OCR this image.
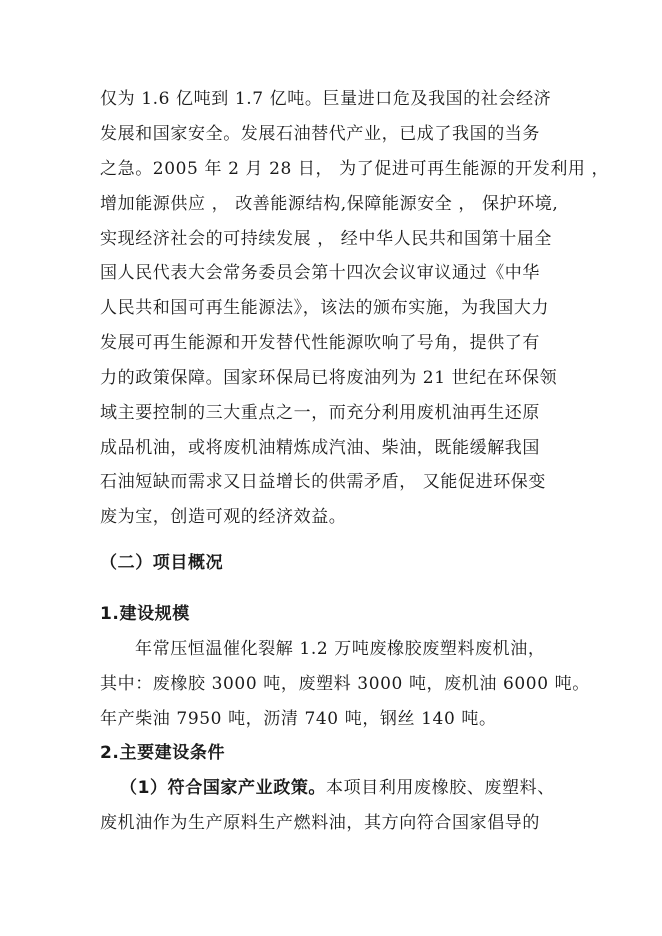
仅为 1.6 亿吨到 1.7 亿吨。巨量进口危及我国的社会经济
发展和国家安全。发展石油替代产业，已成了我国的当务
之急。2005 年 2 月 28 日， 为了促进可再生能源的开发利用 ，
增加能源供应 ， 改善能源结构,保障能源安全 ， 保护环境,
实现经济社会的可持续发展 ， 经中华人民共和国第十届全
国人民代表大会常务委员会第十四次会议审议通过《中华
人民共和国可再生能源法》，该法的颁布实施，为我国大力
发展可再生能源和开发替代性能源吹响了号角，提供了有
力的政策保障。国家环保局已将废油列为 21 世纪在环保领
域主要控制的三大重点之一，而充分利用废机油再生还原
成品机油，或将废机油精炼成汽油、柴油，既能缓解我国
石油短缺而需求又日益增长的供需矛盾， 又能促进环保变
废为宝，创造可观的经济效益。
（二）项目概况
1.建设规模
年常压恒温催化裂解 1.2 万吨废橡胶废塑料废机油，
其中：废橡胶 3000 吨，废塑料 3000 吨，废机油 6000 吨。
年产柴油 7950 吨，沥清 740 吨，钢丝 140 吨。
2.主要建设条件
（1）符合国家产业政策。本项目利用废橡胶、废塑料、
废机油作为生产原料生产燃料油，其方向符合国家倡导的
